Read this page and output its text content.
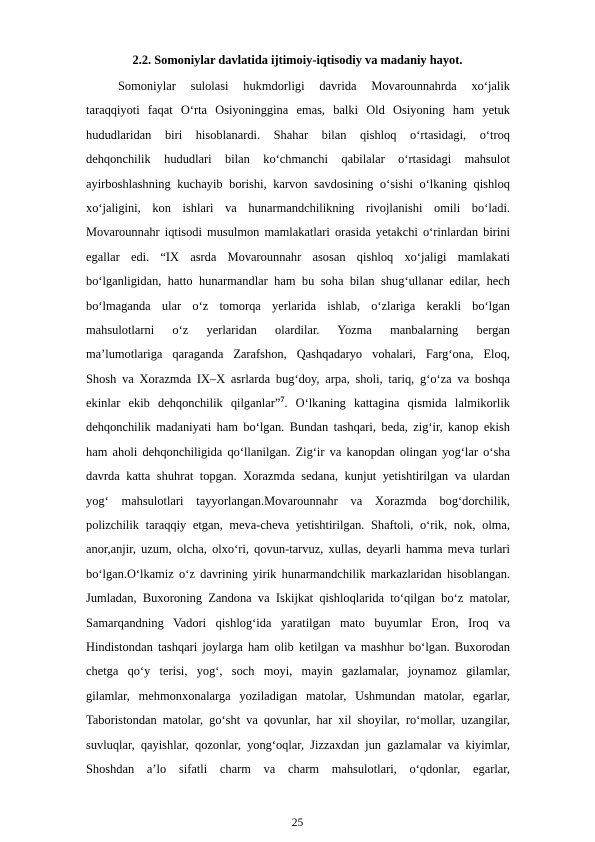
2.2. Somoniylar davlatida ijtimoiy-iqtisodiy va madaniy hayot.
Somoniylar sulolasi hukmdorligi davrida Movarounnahrda xo‘jalik
taraqqiyoti faqat O‘rta Osiyoninggina emas, balki Old Osiyoning ham yetuk
hududlaridan biri hisoblanardi. Shahar bilan qishloq o‘rtasidagi, o‘troq
dehqonchilik hududlari bilan ko‘chmanchi qabilalar o‘rtasidagi mahsulot
ayirboshlashning kuchayib borishi, karvon savdosining o‘sishi o‘lkaning qishloq
xo‘jaligini, kon ishlari va hunarmandchilikning rivojlanishi omili bo‘ladi.
Movarounnahr iqtisodi musulmon mamlakatlari orasida yetakchi o‘rinlardan birini
egallar edi. “IX asrda Movarounnahr asosan qishloq xo‘jaligi mamlakati
bo‘lganligidan, hatto hunarmandlar ham bu soha bilan shug‘ullanar edilar, hech
bo‘lmaganda ular o‘z tomorqa yerlarida ishlab, o‘zlariga kerakli bo‘lgan
mahsulotlarni o‘z yerlaridan olardilar. Yozma manbalarning bergan
ma’lumotlariga qaraganda Zarafshon, Qashqadaryo vohalari, Farg‘ona, Eloq,
Shosh va Xorazmda IX–X asrlarda bug‘doy, arpa, sholi, tariq, g‘o‘za va boshqa
ekinlar ekib dehqonchilik qilganlar”$^7$. O‘lkaning kattagina qismida lalmikorlik
dehqonchilik madaniyati ham bo‘lgan. Bundan tashqari, beda, zig‘ir, kanop ekish
ham aholi dehqonchiligida qo‘llanilgan. Zig‘ir va kanopdan olingan yog‘lar o‘sha
davrda katta shuhrat topgan. Xorazmda sedana, kunjut yetishtirilgan va ulardan
yog‘ mahsulotlari tayyorlangan.Movarounnahr va Xorazmda bog‘dorchilik,
polizchilik taraqqiy etgan, meva-cheva yetishtirilgan. Shaftoli, o‘rik, nok, olma,
anor,anjir, uzum, olcha, olxo‘ri, qovun-tarvuz, xullas, deyarli hamma meva turlari
bo‘lgan.O‘lkamiz o‘z davrining yirik hunarmandchilik markazlaridan hisoblangan.
Jumladan, Buxoroning Zandona va Iskijkat qishloqlarida to‘qilgan bo‘z matolar,
Samarqandning Vadori qishlog‘ida yaratilgan mato buyumlar Eron, Iroq va
Hindistondan tashqari joylarga ham olib ketilgan va mashhur bo‘lgan. Buxorodan
chetga qo‘y terisi, yog‘, soch moyi, mayin gazlamalar, joynamoz gilamlar,
gilamlar, mehmonxonalarga yoziladigan matolar, Ushmundan matolar, egarlar,
Taboristondan matolar, go‘sht va qovunlar, har xil shoyilar, ro‘mollar, uzangilar,
suvluqlar, qayishlar, qozonlar, yong‘oqlar, Jizzaxdan jun gazlamalar va kiyimlar,
Shoshdan a’lo sifatli charm va charm mahsulotlari, o‘qdonlar, egarlar,
25
